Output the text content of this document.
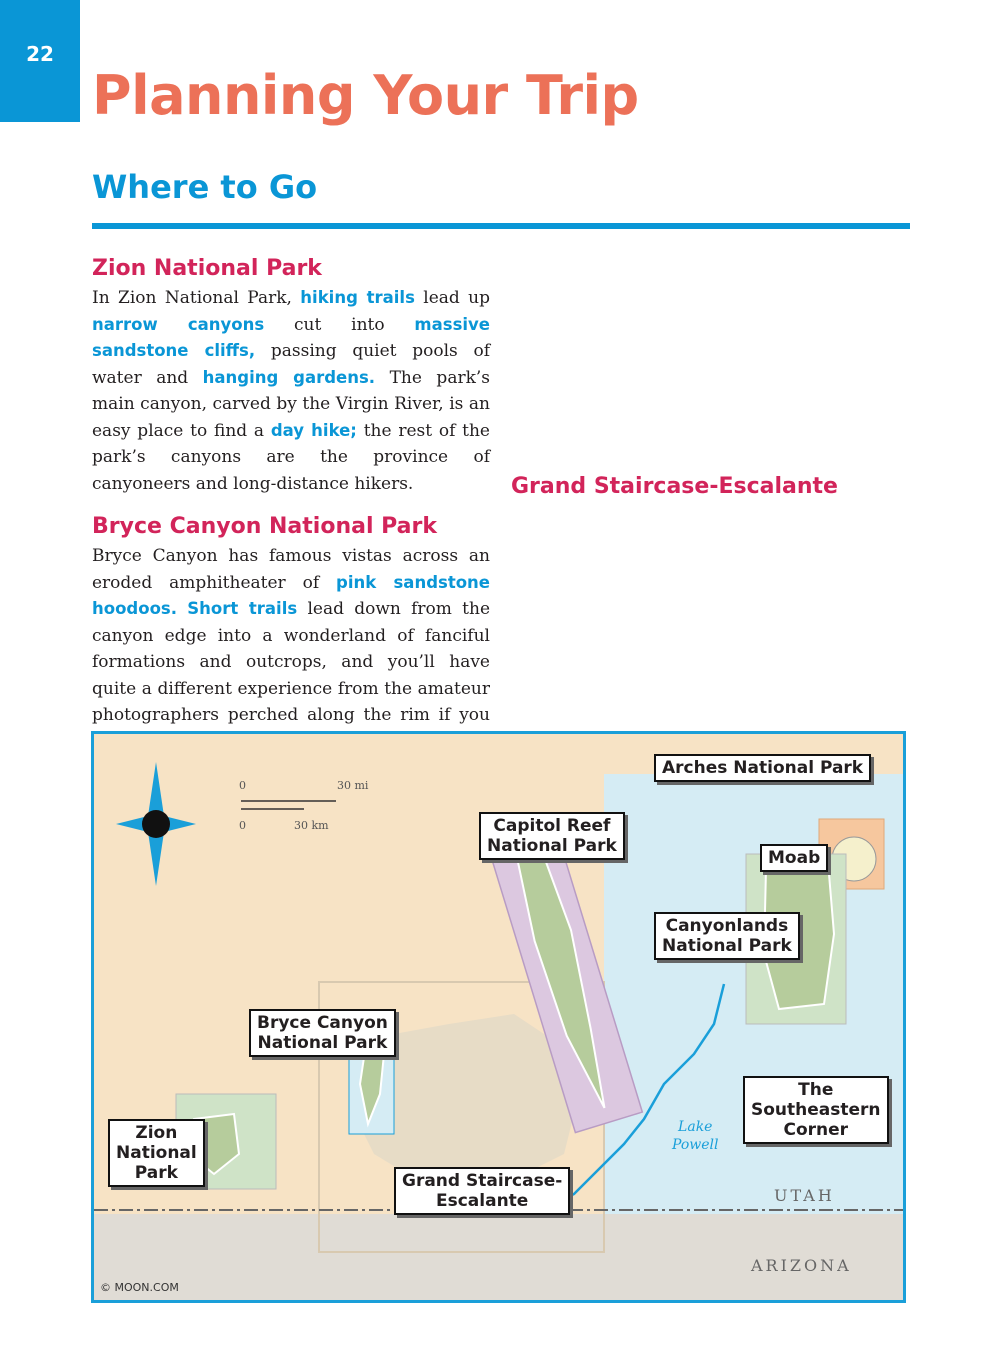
22
Planning Your Trip
Where to Go
Zion National Park

In Zion National Park, hiking trails lead up narrow canyons cut into massive sandstone cliffs, passing quiet pools of water and hanging gardens. The park’s main canyon, carved by the Virgin River, is an easy place to find a day hike; the rest of the park’s canyons are the province of canyoneers and long-distance hikers.

Bryce Canyon National Park

Bryce Canyon has famous vistas across an eroded amphitheater of pink sandstone hoodoos. Short trails lead down from the canyon edge into a wonderland of fanciful formations and outcrops, and you’ll have quite a different experience from the amateur photographers perched along the rim if you

Grand Staircase-Escalante
0	30 mi
0	30 km
Arches National Park
Capitol Reef
National Park
Moab
Canyonlands
National Park
Bryce Canyon
National Park
The
Southeastern
Corner
Zion
National
Park	Grand Staircase-
Escalante
Lake
Powell
UTAH
ARIZONA
© MOON.COM
